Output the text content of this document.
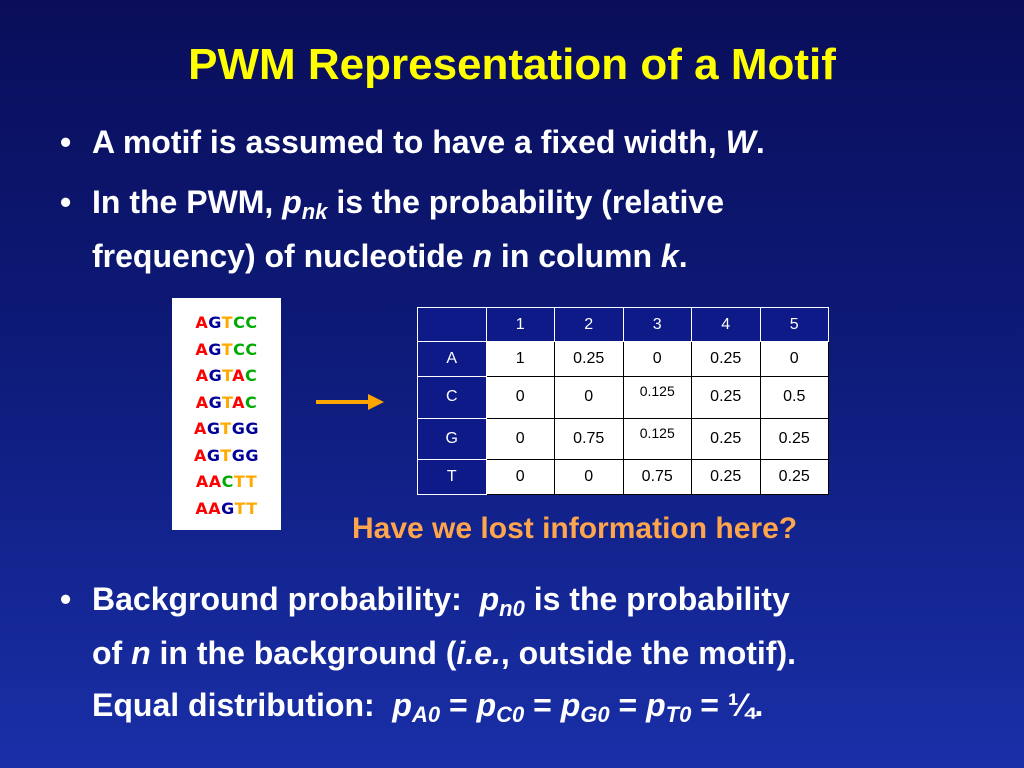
PWM Representation of a Motif
• A motif is assumed to have a fixed width, W.
• In the PWM, $p_{nk}$ is the probability (relative
frequency) of nucleotide n in column k.
AGTCC
AGTCC
AGTAC
AGTAC
AGTGG
AGTGG
AACTT
AAGTT
	1	2	3	4	5
A	1	0.25	0	0.25	0
C	0	0	0.125	0.25	0.5
G	0	0.75	0.125	0.25	0.25
T	0	0	0.75	0.25	0.25
Have we lost information here?
• Background probability: $p_{n0}$ is the probability
of n in the background (i.e., outside the motif).
Equal distribution: $p_{A0} = p_{C0} = p_{G0} = p_{T0}$ = ¼.
